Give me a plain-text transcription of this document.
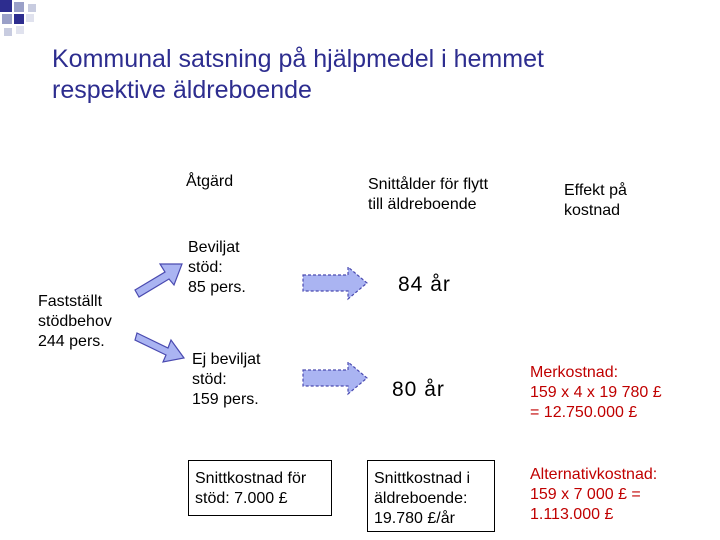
Kommunal satsning på hjälpmedel i hemmet
respektive äldreboende
Åtgärd	Snittålder för flytt
till äldreboende
Effekt på
kostnad
Fastställt
stödbehov
244 pers.
Beviljat
stöd:
85 pers.	84 år
Ej beviljat
stöd:
159 pers.	80 år
Merkostnad:
159 x 4 x 19 780 £
= 12.750.000 £
Snittkostnad för
stöd: 7.000 £
Snittkostnad i
äldreboende:
19.780 £/år
Alternativkostnad:
159 x 7 000 £ =
1.113.000 £
